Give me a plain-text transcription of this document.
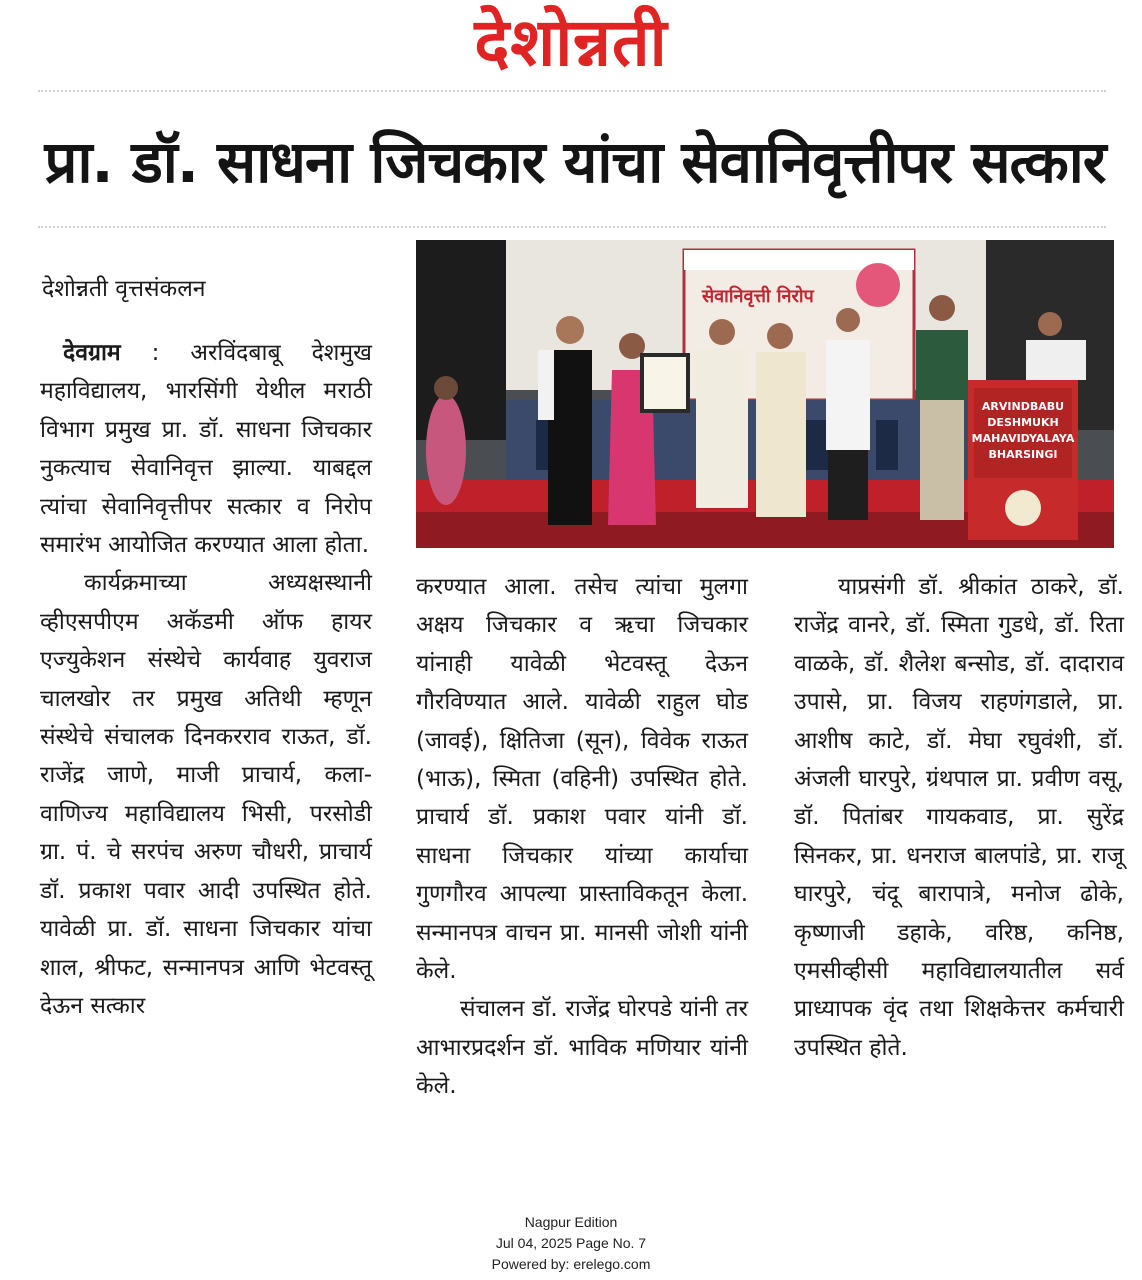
देशोन्नती
प्रा. डॉ. साधना जिचकार यांचा सेवानिवृत्तीपर सत्कार
देशोन्नती वृत्तसंकलन

 देवग्राम : अरविंदबाबू देशमुख महाविद्यालय, भारसिंगी येथील मराठी विभाग प्रमुख प्रा. डॉ. साधना जिचकार नुकत्याच सेवानिवृत्त झाल्या. याबद्दल त्यांचा सेवानिवृत्तीपर सत्कार व निरोप समारंभ आयोजित करण्यात आला होता.

कार्यक्रमाच्या अध्यक्षस्थानी व्हीएसपीएम अकॅडमी ऑफ हायर एज्युकेशन संस्थेचे कार्यवाह युवराज चालखोर तर प्रमुख अतिथी म्हणून संस्थेचे संचालक दिनकरराव राऊत, डॉ. राजेंद्र जाणे, माजी प्राचार्य, कला-वाणिज्य महाविद्यालय भिसी, परसोडी ग्रा. पं. चे सरपंच अरुण चौधरी, प्राचार्य डॉ. प्रकाश पवार आदी उपस्थित होते. यावेळी प्रा. डॉ. साधना जिचकार यांचा शाल, श्रीफट, सन्मानपत्र आणि भेटवस्तू देऊन सत्कार

सेवानिवृत्ती निरोप
ARVINDBABU
DESHMUKH
MAHAVIDYALAYA
BHARSINGI

करण्यात आला. तसेच त्यांचा मुलगा अक्षय जिचकार व ऋचा जिचकार यांनाही यावेळी भेटवस्तू देऊन गौरविण्यात आले. यावेळी राहुल घोड (जावई), क्षितिजा (सून), विवेक राऊत (भाऊ), स्मिता (वहिनी) उपस्थित होते. प्राचार्य डॉ. प्रकाश पवार यांनी डॉ. साधना जिचकार यांच्या कार्याचा गुणगौरव आपल्या प्रास्ताविकतून केला. सन्मानपत्र वाचन प्रा. मानसी जोशी यांनी केले.

संचालन डॉ. राजेंद्र घोरपडे यांनी तर आभारप्रदर्शन डॉ. भाविक मणियार यांनी केले.

याप्रसंगी डॉ. श्रीकांत ठाकरे, डॉ. राजेंद्र वानरे, डॉ. स्मिता गुडधे, डॉ. रिता वाळके, डॉ. शैलेश बन्सोड, डॉ. दादाराव उपासे, प्रा. विजय राहणंगडाले, प्रा. आशीष काटे, डॉ. मेघा रघुवंशी, डॉ. अंजली घारपुरे, ग्रंथपाल प्रा. प्रवीण वसू, डॉ. पितांबर गायकवाड, प्रा. सुरेंद्र सिनकर, प्रा. धनराज बालपांडे, प्रा. राजू घारपुरे, चंदू बारापात्रे, मनोज ढोके, कृष्णाजी डहाके, वरिष्ठ, कनिष्ठ, एमसीव्हीसी महाविद्यालयातील सर्व प्राध्यापक वृंद तथा शिक्षकेत्तर कर्मचारी उपस्थित होते.

Nagpur Edition
Jul 04, 2025 Page No. 7
Powered by: erelego.com
